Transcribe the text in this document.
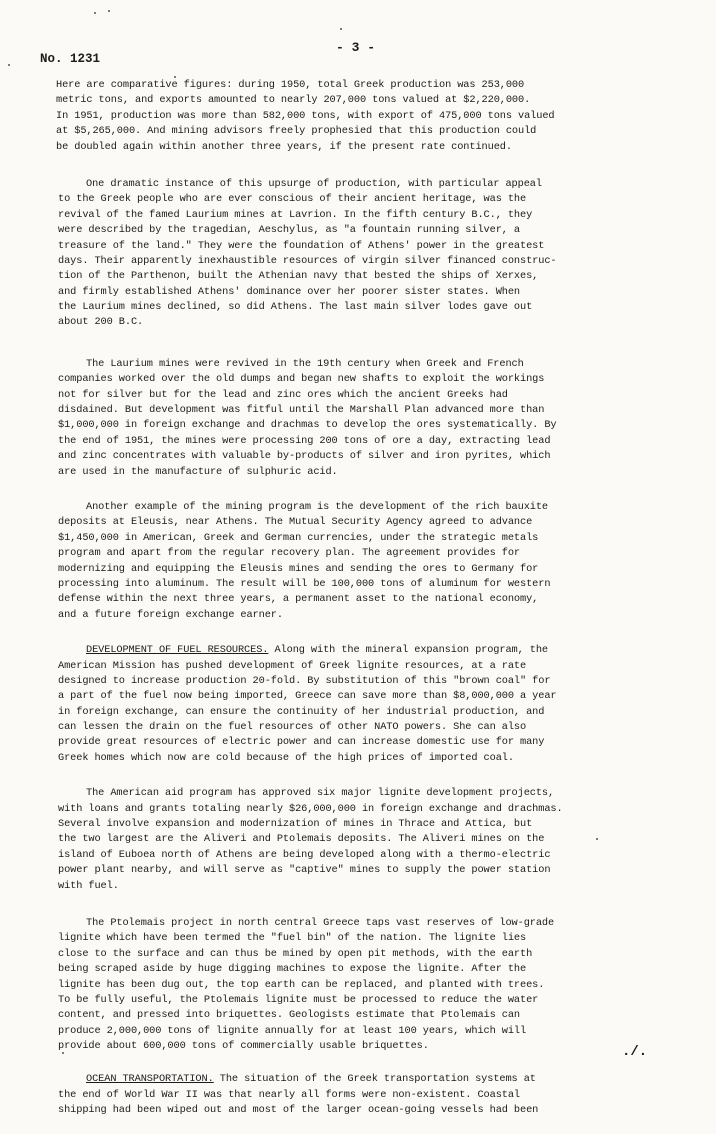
No. 1231
- 3 -
Here are comparative figures: during 1950, total Greek production was 253,000
metric tons, and exports amounted to nearly 207,000 tons valued at $2,220,000.
In 1951, production was more than 582,000 tons, with export of 475,000 tons valued
at $5,265,000. And mining advisors freely prophesied that this production could
be doubled again within another three years, if the present rate continued.
One dramatic instance of this upsurge of production, with particular appeal
to the Greek people who are ever conscious of their ancient heritage, was the
revival of the famed Laurium mines at Lavrion. In the fifth century B.C., they
were described by the tragedian, Aeschylus, as "a fountain running silver, a
treasure of the land." They were the foundation of Athens' power in the greatest
days. Their apparently inexhaustible resources of virgin silver financed construc-
tion of the Parthenon, built the Athenian navy that bested the ships of Xerxes,
and firmly established Athens' dominance over her poorer sister states. When
the Laurium mines declined, so did Athens. The last main silver lodes gave out
about 200 B.C.
The Laurium mines were revived in the 19th century when Greek and French
companies worked over the old dumps and began new shafts to exploit the workings
not for silver but for the lead and zinc ores which the ancient Greeks had
disdained. But development was fitful until the Marshall Plan advanced more than
$1,000,000 in foreign exchange and drachmas to develop the ores systematically. By
the end of 1951, the mines were processing 200 tons of ore a day, extracting lead
and zinc concentrates with valuable by-products of silver and iron pyrites, which
are used in the manufacture of sulphuric acid.
Another example of the mining program is the development of the rich bauxite
deposits at Eleusis, near Athens. The Mutual Security Agency agreed to advance
$1,450,000 in American, Greek and German currencies, under the strategic metals
program and apart from the regular recovery plan. The agreement provides for
modernizing and equipping the Eleusis mines and sending the ores to Germany for
processing into aluminum. The result will be 100,000 tons of aluminum for western
defense within the next three years, a permanent asset to the national economy,
and a future foreign exchange earner.
DEVELOPMENT OF FUEL RESOURCES. Along with the mineral expansion program, the
American Mission has pushed development of Greek lignite resources, at a rate
designed to increase production 20-fold. By substitution of this "brown coal" for
a part of the fuel now being imported, Greece can save more than $8,000,000 a year
in foreign exchange, can ensure the continuity of her industrial production, and
can lessen the drain on the fuel resources of other NATO powers. She can also
provide great resources of electric power and can increase domestic use for many
Greek homes which now are cold because of the high prices of imported coal.
The American aid program has approved six major lignite development projects,
with loans and grants totaling nearly $26,000,000 in foreign exchange and drachmas.
Several involve expansion and modernization of mines in Thrace and Attica, but
the two largest are the Aliveri and Ptolemais deposits. The Aliveri mines on the
island of Euboea north of Athens are being developed along with a thermo-electric
power plant nearby, and will serve as "captive" mines to supply the power station
with fuel.
The Ptolemais project in north central Greece taps vast reserves of low-grade
lignite which have been termed the "fuel bin" of the nation. The lignite lies
close to the surface and can thus be mined by open pit methods, with the earth
being scraped aside by huge digging machines to expose the lignite. After the
lignite has been dug out, the top earth can be replaced, and planted with trees.
To be fully useful, the Ptolemais lignite must be processed to reduce the water
content, and pressed into briquettes. Geologists estimate that Ptolemais can
produce 2,000,000 tons of lignite annually for at least 100 years, which will
provide about 600,000 tons of commercially usable briquettes.
OCEAN TRANSPORTATION. The situation of the Greek transportation systems at
the end of World War II was that nearly all forms were non-existent. Coastal
shipping had been wiped out and most of the larger ocean-going vessels had been
./.
